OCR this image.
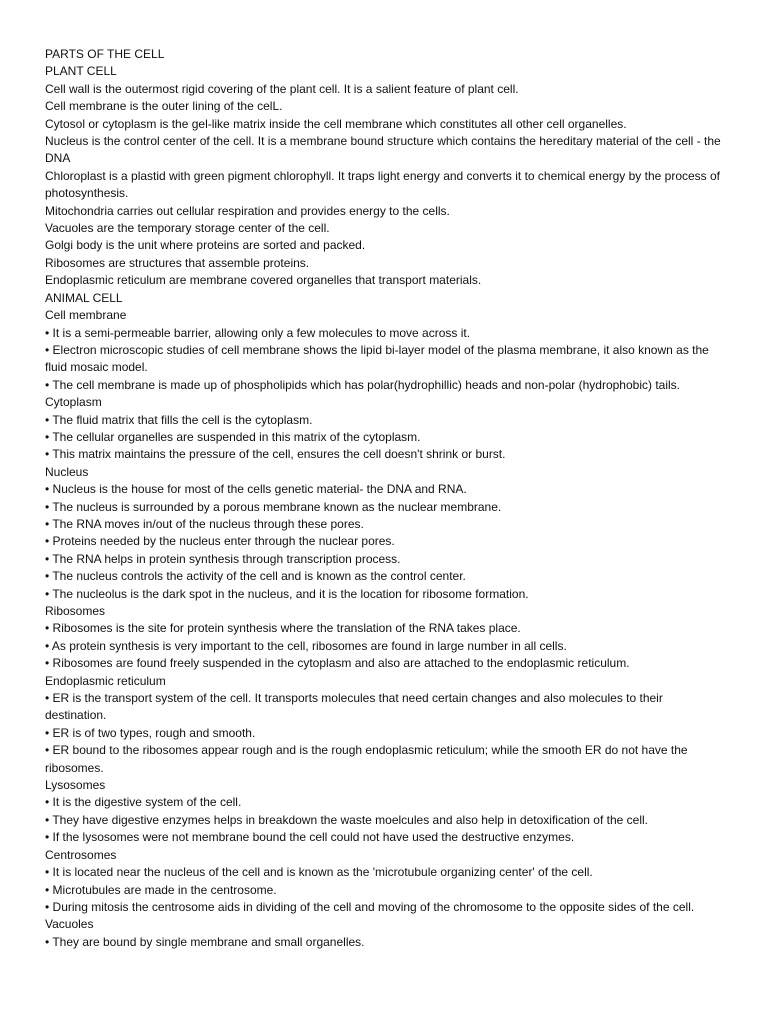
PARTS OF THE CELL

PLANT CELL

Cell wall is the outermost rigid covering of the plant cell. It is a salient feature of plant cell.

Cell membrane is the outer lining of the celL.

Cytosol or cytoplasm is the gel-like matrix inside the cell membrane which constitutes all other cell organelles.

Nucleus is the control center of the cell. It is a membrane bound structure which contains the hereditary material of the cell - the DNA

Chloroplast is a plastid with green pigment chlorophyll. It traps light energy and converts it to chemical energy by the process of photosynthesis.

Mitochondria carries out cellular respiration and provides energy to the cells.

Vacuoles are the temporary storage center of the cell.

Golgi body is the unit where proteins are sorted and packed.

Ribosomes are structures that assemble proteins.

Endoplasmic reticulum are membrane covered organelles that transport materials.

ANIMAL CELL

Cell membrane

• It is a semi-permeable barrier, allowing only a few molecules to move across it.

• Electron microscopic studies of cell membrane shows the lipid bi-layer model of the plasma membrane, it also known as the fluid mosaic model.

• The cell membrane is made up of phospholipids which has polar(hydrophillic) heads and non-polar (hydrophobic) tails.

Cytoplasm

• The fluid matrix that fills the cell is the cytoplasm.

• The cellular organelles are suspended in this matrix of the cytoplasm.

• This matrix maintains the pressure of the cell, ensures the cell doesn't shrink or burst.

Nucleus

• Nucleus is the house for most of the cells genetic material- the DNA and RNA.

• The nucleus is surrounded by a porous membrane known as the nuclear membrane.

• The RNA moves in/out of the nucleus through these pores.

• Proteins needed by the nucleus enter through the nuclear pores.

• The RNA helps in protein synthesis through transcription process.

• The nucleus controls the activity of the cell and is known as the control center.

• The nucleolus is the dark spot in the nucleus, and it is the location for ribosome formation.

Ribosomes

• Ribosomes is the site for protein synthesis where the translation of the RNA takes place.

• As protein synthesis is very important to the cell, ribosomes are found in large number in all cells.

• Ribosomes are found freely suspended in the cytoplasm and also are attached to the endoplasmic reticulum.

Endoplasmic reticulum

• ER is the transport system of the cell. It transports molecules that need certain changes and also molecules to their destination.

• ER is of two types, rough and smooth.

• ER bound to the ribosomes appear rough and is the rough endoplasmic reticulum; while the smooth ER do not have the ribosomes.

Lysosomes

• It is the digestive system of the cell.

• They have digestive enzymes helps in breakdown the waste moelcules and also help in detoxification of the cell.

• If the lysosomes were not membrane bound the cell could not have used the destructive enzymes.

Centrosomes

• It is located near the nucleus of the cell and is known as the 'microtubule organizing center' of the cell.

• Microtubules are made in the centrosome.

• During mitosis the centrosome aids in dividing of the cell and moving of the chromosome to the opposite sides of the cell.

Vacuoles

• They are bound by single membrane and small organelles.
